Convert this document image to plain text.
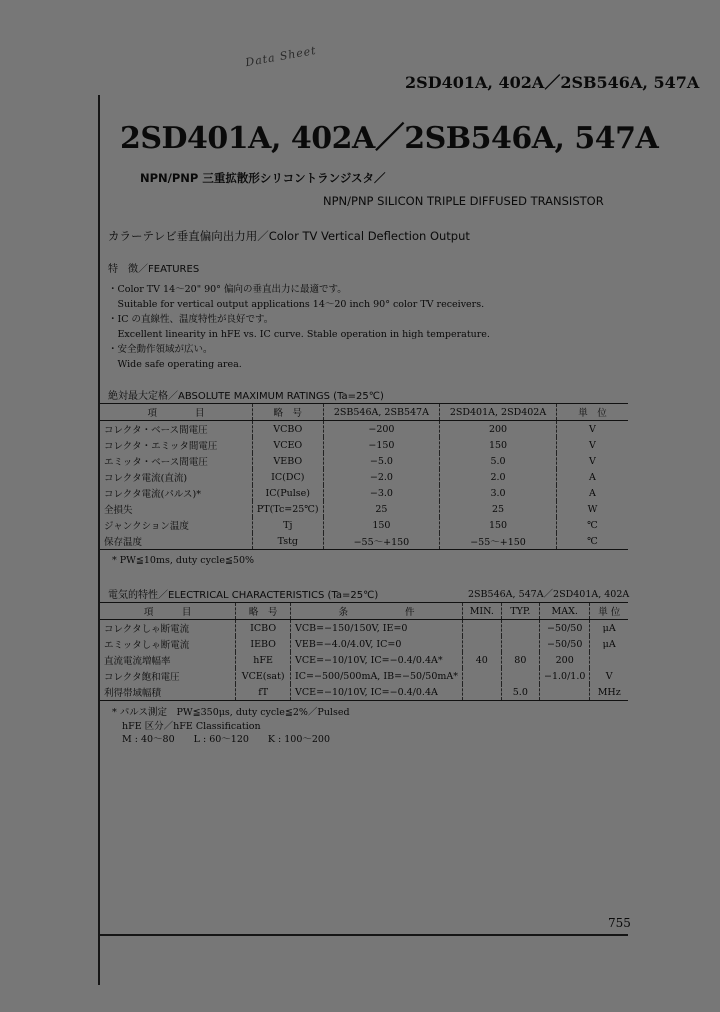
Data Sheet
2SD401A, 402A／2SB546A, 547A
2SD401A, 402A／2SB546A, 547A
NPN/PNP 三重拡散形シリコントランジスタ／
NPN/PNP SILICON TRIPLE DIFFUSED TRANSISTOR
カラーテレビ垂直偏向出力用／Color TV Vertical Deflection Output
特　徴／FEATURES
・Color TV 14〜20" 90° 偏向の垂直出力に最適です。
　Suitable for vertical output applications 14〜20 inch 90° color TV receivers.
・IC の直線性、温度特性が良好です。
　Excellent linearity in hFE vs. IC curve. Stable operation in high temperature.
・安全動作領域が広い。
　Wide safe operating area.
絶対最大定格／ABSOLUTE MAXIMUM RATINGS (Ta=25℃)
項　　　　目	略　号	2SB546A, 2SB547A	2SD401A, 2SD402A	単　位
コレクタ・ベース間電圧	VCBO	−200	200	V
コレクタ・エミッタ間電圧	VCEO	−150	150	V
エミッタ・ベース間電圧	VEBO	−5.0	5.0	V
コレクタ電流(直流)	IC(DC)	−2.0	2.0	A
コレクタ電流(パルス)*	IC(Pulse)	−3.0	3.0	A
全損失	PT(Tc=25℃)	25	25	W
ジャンクション温度	Tj	150	150	℃
保存温度	Tstg	−55〜+150	−55〜+150	℃
* PW≦10ms, duty cycle≦50%
電気的特性／ELECTRICAL CHARACTERISTICS (Ta=25℃)	2SB546A, 547A／2SD401A, 402A
項　　　目	略　号	条　　　　　　件	MIN.	TYP.	MAX.	単 位
コレクタしゃ断電流	ICBO	VCB=−150/150V, IE=0			−50/50	μA
エミッタしゃ断電流	IEBO	VEB=−4.0/4.0V, IC=0			−50/50	μA
直流電流増幅率	hFE	VCE=−10/10V, IC=−0.4/0.4A*	40	80	200	
コレクタ飽和電圧	VCE(sat)	IC=−500/500mA, IB=−50/50mA*			−1.0/1.0	V
利得帯域幅積	fT	VCE=−10/10V, IC=−0.4/0.4A		5.0		MHz
* パルス測定　PW≦350μs, duty cycle≦2%／Pulsed
hFE 区分／hFE Classification
M : 40〜80　　L : 60〜120　　K : 100〜200
755
